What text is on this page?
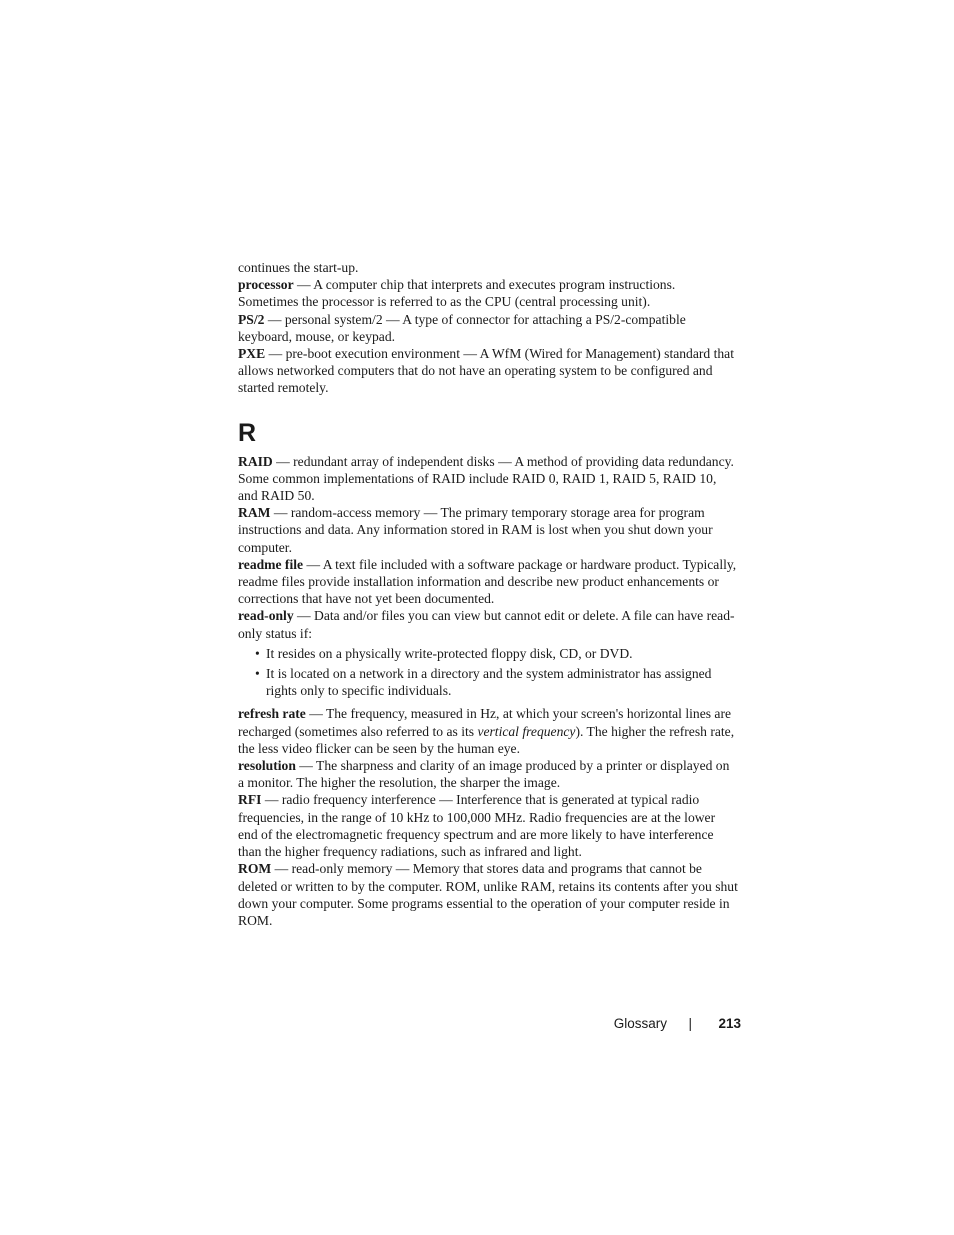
continues the start-up.

processor — A computer chip that interprets and executes program instructions. Sometimes the processor is referred to as the CPU (central processing unit).

PS/2 — personal system/2 — A type of connector for attaching a PS/2-compatible keyboard, mouse, or keypad.

PXE — pre-boot execution environment — A WfM (Wired for Management) standard that allows networked computers that do not have an operating system to be configured and started remotely.

R

RAID — redundant array of independent disks — A method of providing data redundancy. Some common implementations of RAID include RAID 0, RAID 1, RAID 5, RAID 10, and RAID 50.

RAM — random-access memory — The primary temporary storage area for program instructions and data. Any information stored in RAM is lost when you shut down your computer.

readme file — A text file included with a software package or hardware product. Typically, readme files provide installation information and describe new product enhancements or corrections that have not yet been documented.

read-only — Data and/or files you can view but cannot edit or delete. A file can have read-only status if:

• It resides on a physically write-protected floppy disk, CD, or DVD.
• It is located on a network in a directory and the system administrator has assigned rights only to specific individuals.

refresh rate — The frequency, measured in Hz, at which your screen's horizontal lines are recharged (sometimes also referred to as its vertical frequency). The higher the refresh rate, the less video flicker can be seen by the human eye.

resolution — The sharpness and clarity of an image produced by a printer or displayed on a monitor. The higher the resolution, the sharper the image.

RFI — radio frequency interference — Interference that is generated at typical radio frequencies, in the range of 10 kHz to 100,000 MHz. Radio frequencies are at the lower end of the electromagnetic frequency spectrum and are more likely to have interference than the higher frequency radiations, such as infrared and light.

ROM — read-only memory — Memory that stores data and programs that cannot be deleted or written to by the computer. ROM, unlike RAM, retains its contents after you shut down your computer. Some programs essential to the operation of your computer reside in ROM.

Glossary | 213
